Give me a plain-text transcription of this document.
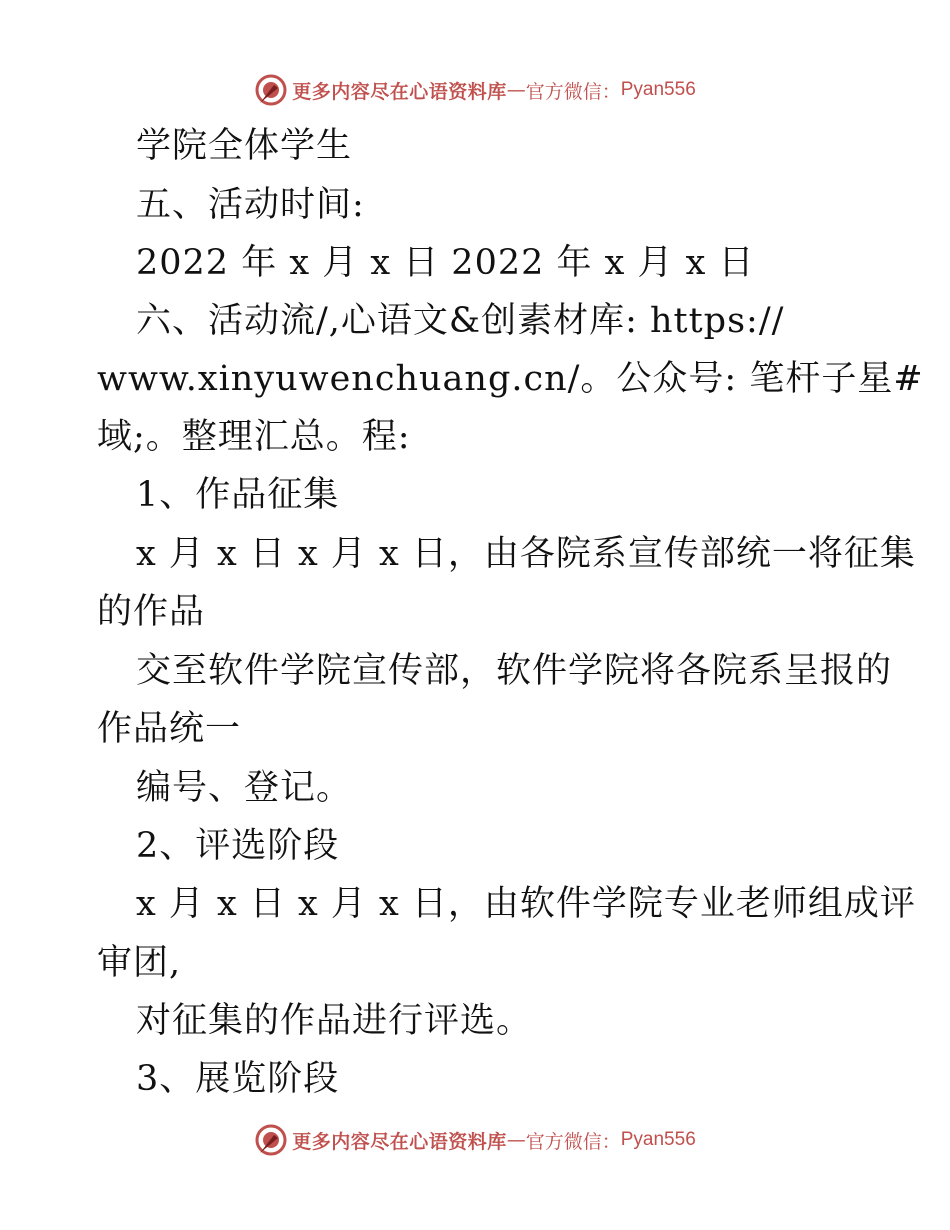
更多内容尽在心语资料库 — 官方微信： Pyan556
学院全体学生
五、活动时间:
2022 年 x 月 x 日 2022 年 x 月 x 日
六、活动流/,心语文&创素材库: https://
www.xinyuwenchuang.cn/。公众号: 笔杆子星#
域;。整理汇总。程:
1、作品征集
x 月 x 日 x 月 x 日，由各院系宣传部统一将征集
的作品
交至软件学院宣传部，软件学院将各院系呈报的
作品统一
编号、登记。
2、评选阶段
x 月 x 日 x 月 x 日，由软件学院专业老师组成评
审团,
对征集的作品进行评选。
3、展览阶段
更多内容尽在心语资料库 — 官方微信： Pyan556
